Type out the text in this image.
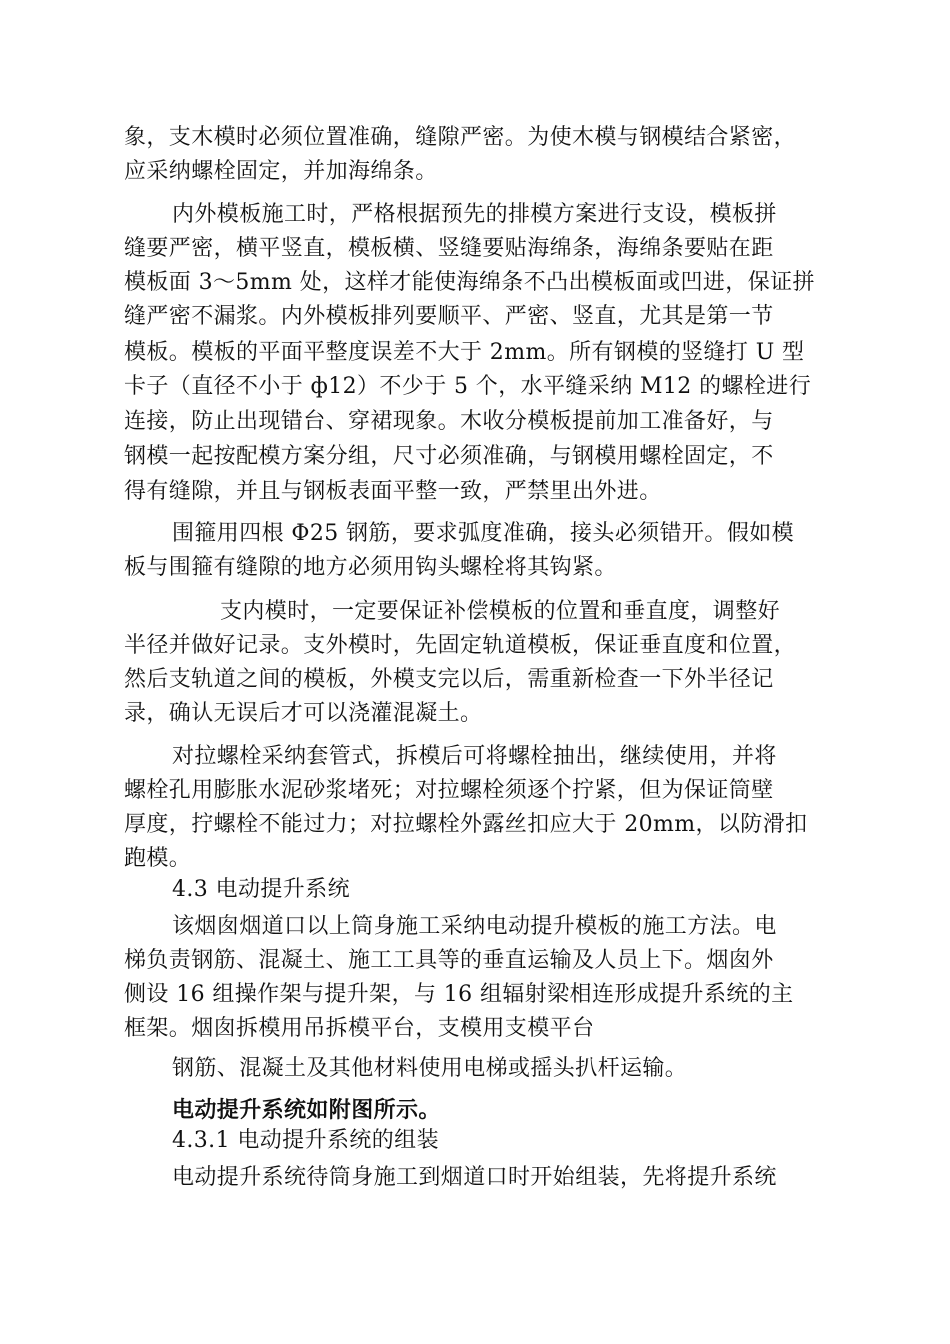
象，支木模时必须位置准确，缝隙严密。为使木模与钢模结合紧密，
应采纳螺栓固定，并加海绵条。
内外模板施工时，严格根据预先的排模方案进行支设，模板拼
缝要严密，横平竖直，模板横、竖缝要贴海绵条，海绵条要贴在距
模板面 3～5mm 处，这样才能使海绵条不凸出模板面或凹进，保证拼
缝严密不漏浆。内外模板排列要顺平、严密、竖直，尤其是第一节
模板。模板的平面平整度误差不大于 2mm。所有钢模的竖缝打 U 型
卡子（直径不小于 ф12）不少于 5 个，水平缝采纳 M12 的螺栓进行
连接，防止出现错台、穿裙现象。木收分模板提前加工准备好，与
钢模一起按配模方案分组，尺寸必须准确，与钢模用螺栓固定，不
得有缝隙，并且与钢板表面平整一致，严禁里出外进。
围箍用四根 Φ25 钢筋，要求弧度准确，接头必须错开。假如模
板与围箍有缝隙的地方必须用钩头螺栓将其钩紧。
支内模时，一定要保证补偿模板的位置和垂直度，调整好
半径并做好记录。支外模时，先固定轨道模板，保证垂直度和位置，
然后支轨道之间的模板，外模支完以后，需重新检查一下外半径记
录，确认无误后才可以浇灌混凝土。
对拉螺栓采纳套管式，拆模后可将螺栓抽出，继续使用，并将
螺栓孔用膨胀水泥砂浆堵死；对拉螺栓须逐个拧紧，但为保证筒壁
厚度，拧螺栓不能过力；对拉螺栓外露丝扣应大于 20mm，以防滑扣
跑模。
4.3 电动提升系统
该烟囱烟道口以上筒身施工采纳电动提升模板的施工方法。电
梯负责钢筋、混凝土、施工工具等的垂直运输及人员上下。烟囱外
侧设 16 组操作架与提升架，与 16 组辐射梁相连形成提升系统的主
框架。烟囱拆模用吊拆模平台，支模用支模平台
钢筋、混凝土及其他材料使用电梯或摇头扒杆运输。
电动提升系统如附图所示。
4.3.1 电动提升系统的组装
电动提升系统待筒身施工到烟道口时开始组装，先将提升系统
